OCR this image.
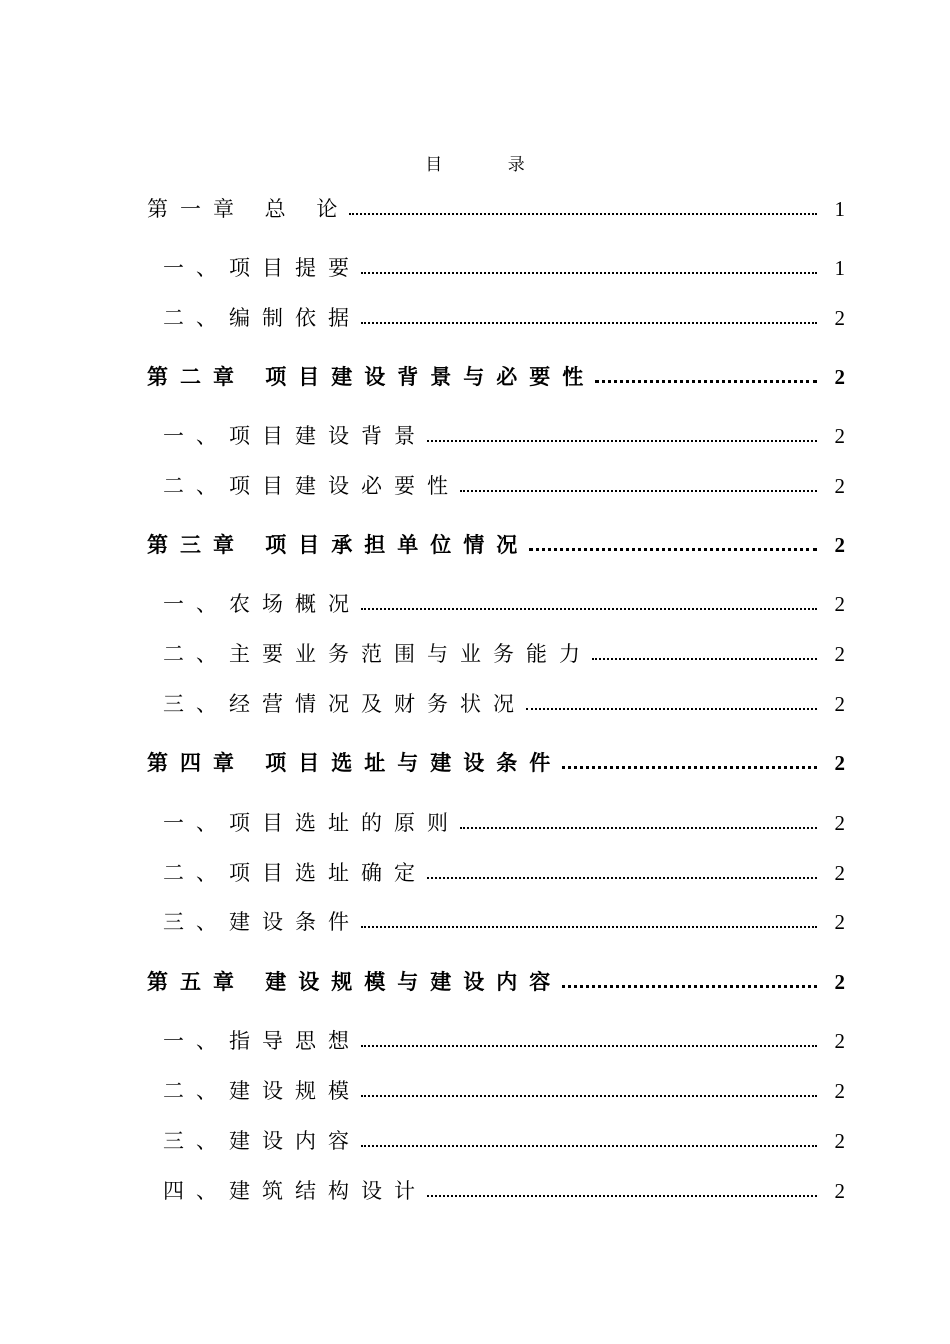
目 录
第一章 总 论	1
一、项目提要	1
二、编制依据	2
第二章 项目建设背景与必要性	2
一、项目建设背景	2
二、项目建设必要性	2
第三章 项目承担单位情况	2
一、农场概况	2
二、主要业务范围与业务能力	2
三、经营情况及财务状况	2
第四章 项目选址与建设条件	2
一、项目选址的原则	2
二、项目选址确定	2
三、建设条件	2
第五章 建设规模与建设内容	2
一、指导思想	2
二、建设规模	2
三、建设内容	2
四、建筑结构设计	2
